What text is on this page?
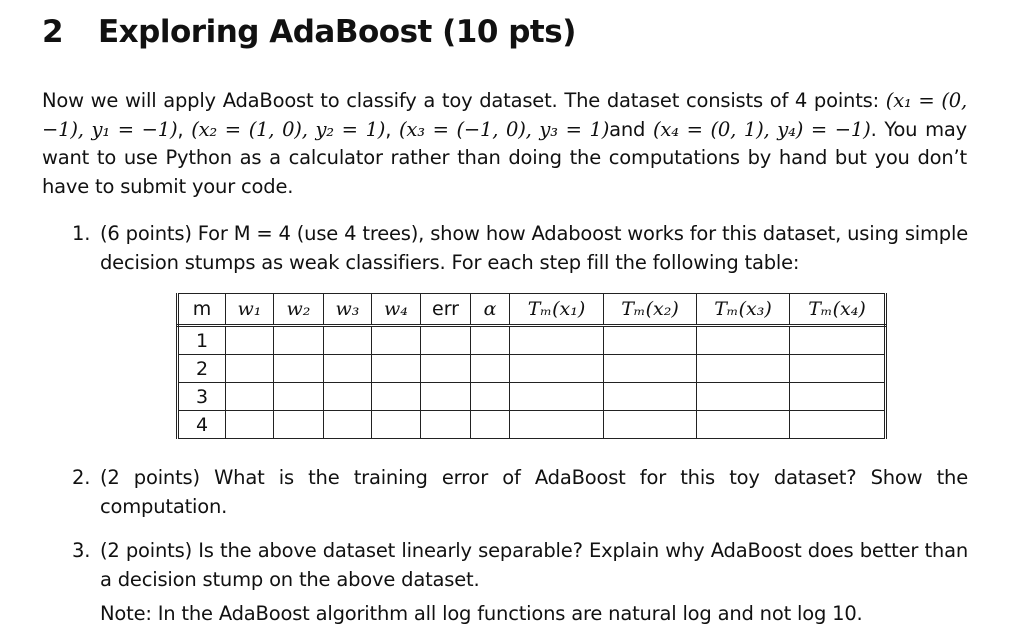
2 Exploring AdaBoost (10 pts)

Now we will apply AdaBoost to classify a toy dataset. The dataset consists of 4 points: (x₁ = (0, −1), y₁ = −1), (x₂ = (1, 0), y₂ = 1), (x₃ = (−1, 0), y₃ = 1)and (x₄ = (0, 1), y₄) = −1). You may want to use Python as a calculator rather than doing the computations by hand but you don’t have to submit your code.

1. (6 points) For M = 4 (use 4 trees), show how Adaboost works for this dataset, using simple decision stumps as weak classifiers. For each step fill the following table:
m	w₁	w₂	w₃	w₄	err	α	Tₘ(x₁)	Tₘ(x₂)	Tₘ(x₃)	Tₘ(x₄)
1										
2										
3										
4										
2. (2 points) What is the training error of AdaBoost for this toy dataset? Show the computation.
3. (2 points) Is the above dataset linearly separable? Explain why AdaBoost does better than a decision stump on the above dataset.
Note: In the AdaBoost algorithm all log functions are natural log and not log 10.
